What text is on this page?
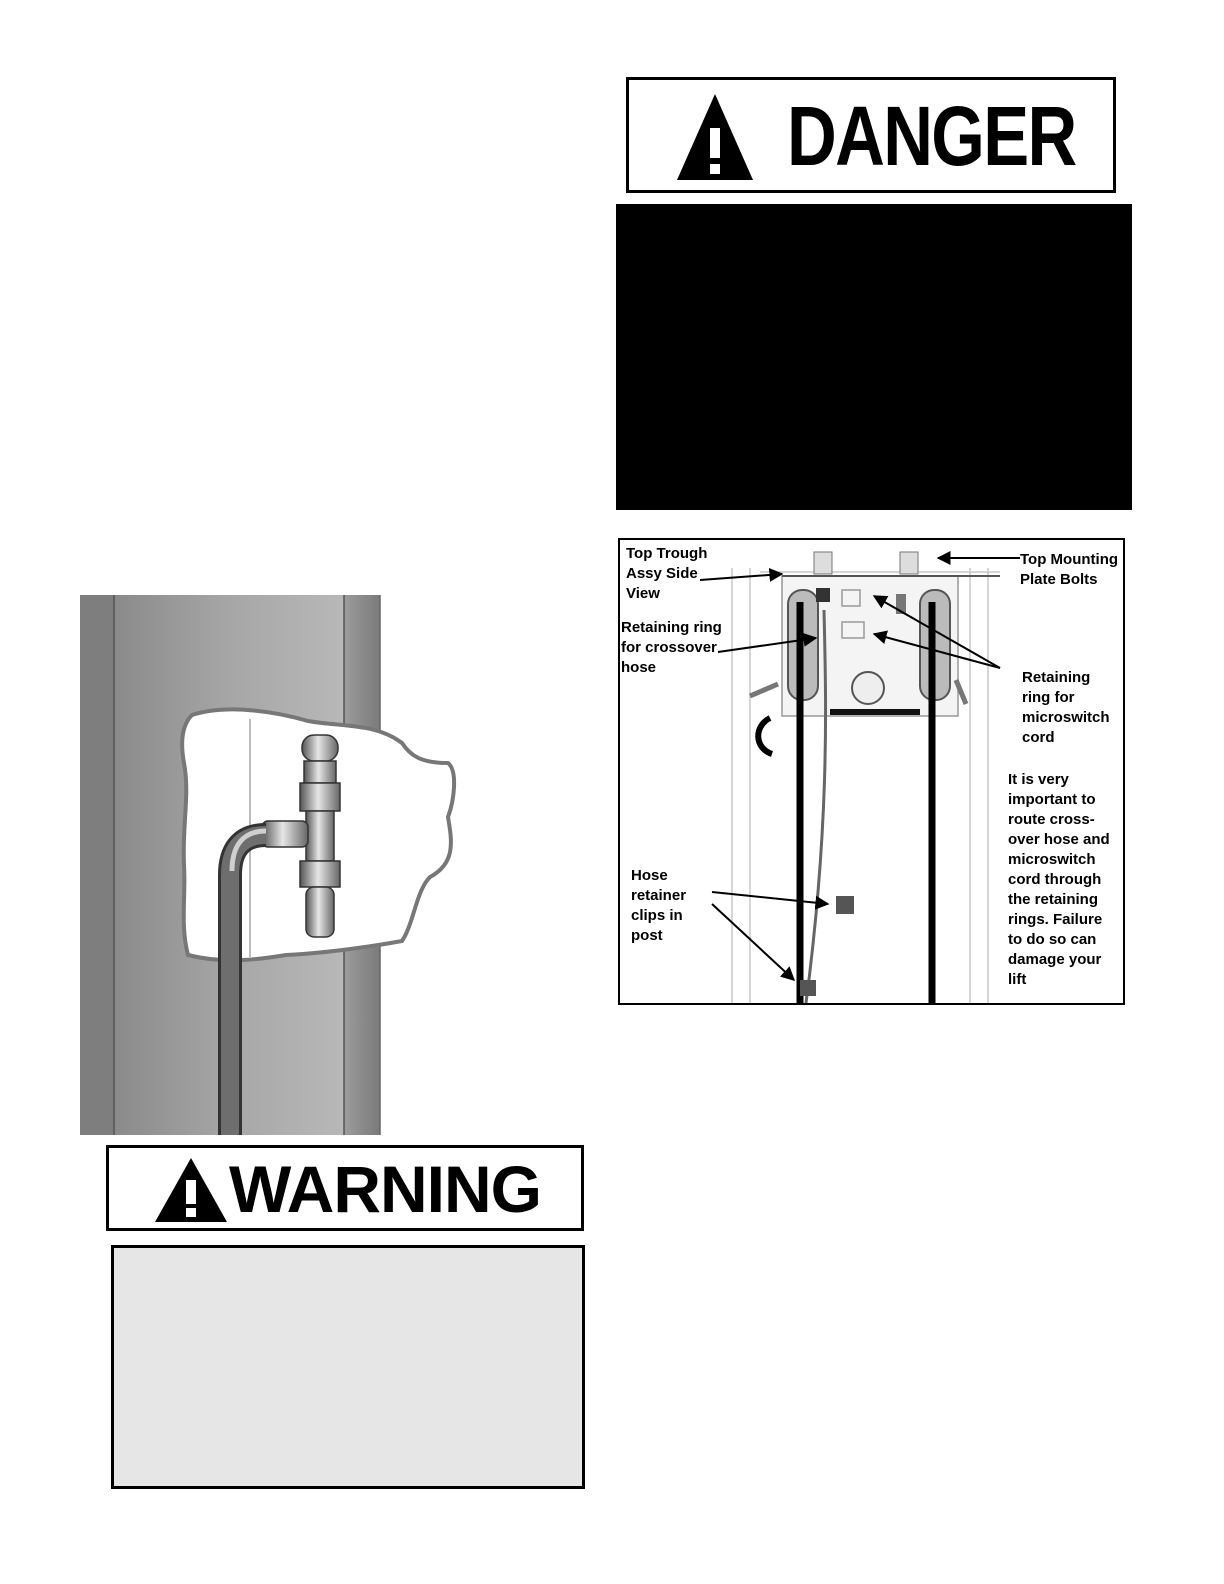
DANGER
WARNING

Top Trough
Assy Side
View

Top Mounting
Plate Bolts

Retaining ring
for crossover
hose

Retaining
ring for
microswitch
cord

It is very
important to
route cross-
over hose and
microswitch
cord through
the retaining
rings. Failure
to do so can
damage your
lift

Hose
retainer
clips in
post
